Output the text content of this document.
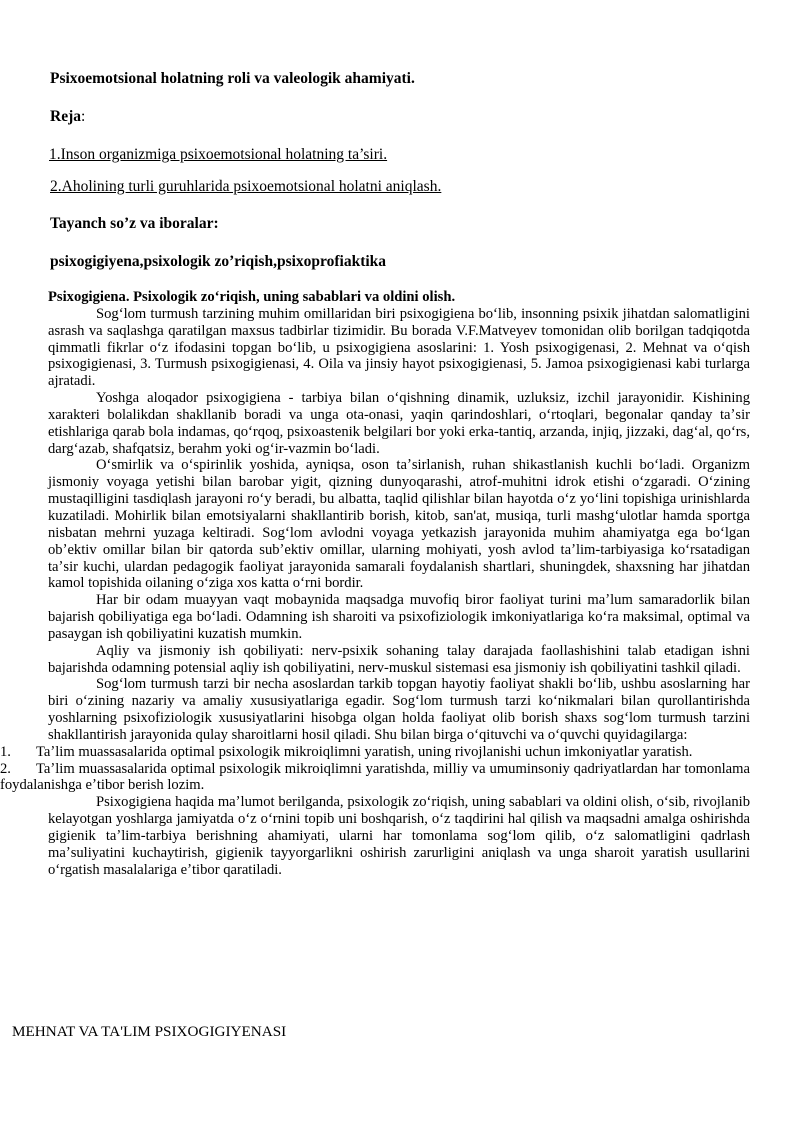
Psixoemotsional holatning roli va valeologik ahamiyati.
Reja:
1.Inson organizmiga psixoemotsional holatning ta’siri.
2.Aholining turli guruhlarida psixoemotsional holatni aniqlash.
Tayanch so’z va iboralar:
psixogigiyena,psixologik zo’riqish,psixoprofiaktika

Psixogigiena. Psixologik zoʻriqish, uning sabablari va oldini olish.

Sogʻlom turmush tarzining muhim omillaridan biri psixogigiena boʻlib, insonning psixik jihatdan salomatligini asrash va saqlashga qaratilgan maxsus tadbirlar tizimidir. Bu borada V.F.Matveyev tomonidan olib borilgan tadqiqotda qimmatli fikrlar oʻz ifodasini topgan boʻlib, u psixogigiena asoslarini: 1. Yosh psixogigenasi, 2. Mehnat va oʻqish psixogigienasi, 3. Turmush psixogigienasi, 4. Oila va jinsiy hayot psixogigienasi, 5. Jamoa psixogigienasi kabi turlarga ajratadi.

Yoshga aloqador psixogigiena - tarbiya bilan oʻqishning dinamik, uzluksiz, izchil jarayonidir. Kishining xarakteri bolalikdan shakllanib boradi va unga ota-onasi, yaqin qarindoshlari, oʻrtoqlari, begonalar qanday taʼsir etishlariga qarab bola indamas, qoʻrqoq, psixoastenik belgilari bor yoki erka-tantiq, arzanda, injiq, jizzaki, dagʻal, qoʻrs, dargʻazab, shafqatsiz, berahm yoki ogʻir-vazmin boʻladi.

Oʻsmirlik va oʻspirinlik yoshida, ayniqsa, oson taʼsirlanish, ruhan shikastlanish kuchli boʻladi. Organizm jismoniy voyaga yetishi bilan barobar yigit, qizning dunyoqarashi, atrof-muhitni idrok etishi oʻzgaradi. Oʻzining mustaqilligini tasdiqlash jarayoni roʻy beradi, bu albatta, taqlid qilishlar bilan hayotda oʻz yoʻlini topishiga urinishlarda kuzatiladi. Mohirlik bilan emotsiyalarni shakllantirib borish, kitob, san'at, musiqa, turli mashgʻulotlar hamda sportga nisbatan mehrni yuzaga keltiradi. Sogʻlom avlodni voyaga yetkazish jarayonida muhim ahamiyatga ega boʻlgan obʼektiv omillar bilan bir qatorda subʼektiv omillar, ularning mohiyati, yosh avlod taʼlim-tarbiyasiga koʻrsatadigan taʼsir kuchi, ulardan pedagogik faoliyat jarayonida samarali foydalanish shartlari, shuningdek, shaxsning har jihatdan kamol topishida oilaning oʻziga xos katta oʻrni bordir.

Har bir odam muayyan vaqt mobaynida maqsadga muvofiq biror faoliyat turini maʼlum samaradorlik bilan bajarish qobiliyatiga ega boʻladi. Odamning ish sharoiti va psixofiziologik imkoniyatlariga koʻra maksimal, optimal va pasaygan ish qobiliyatini kuzatish mumkin.

Aqliy va jismoniy ish qobiliyati: nerv-psixik sohaning talay darajada faollashishini talab etadigan ishni bajarishda odamning potensial aqliy ish qobiliyatini, nerv-muskul sistemasi esa jismoniy ish qobiliyatini tashkil qiladi.

Sogʻlom turmush tarzi bir necha asoslardan tarkib topgan hayotiy faoliyat shakli boʻlib, ushbu asoslarning har biri oʻzining nazariy va amaliy xususiyatlariga egadir. Sogʻlom turmush tarzi koʻnikmalari bilan qurollantirishda yoshlarning psixofiziologik xususiyatlarini hisobga olgan holda faoliyat olib borish shaxs sogʻlom turmush tarzini shakllantirish jarayonida qulay sharoitlarni hosil qiladi. Shu bilan birga oʻqituvchi va oʻquvchi quyidagilarga:

1. Taʼlim muassasalarida optimal psixologik mikroiqlimni yaratish, uning rivojlanishi uchun imkoniyatlar yaratish.
2. Taʼlim muassasalarida optimal psixologik mikroiqlimni yaratishda, milliy va umuminsoniy qadriyatlardan har tomonlama foydalanishga eʼtibor berish lozim.

Psixogigiena haqida maʼlumot berilganda, psixologik zoʻriqish, uning sabablari va oldini olish, oʻsib, rivojlanib kelayotgan yoshlarga jamiyatda oʻz oʻrnini topib uni boshqarish, oʻz taqdirini hal qilish va maqsadni amalga oshirishda gigienik taʼlim-tarbiya berishning ahamiyati, ularni har tomonlama sogʻlom qilib, oʻz salomatligini qadrlash maʼsuliyatini kuchaytirish, gigienik tayyorgarlikni oshirish zarurligini aniqlash va unga sharoit yaratish usullarini oʻrgatish masalalariga eʼtibor qaratiladi.

MEHNAT VA TA'LIM PSIXOGIGIYENASI
